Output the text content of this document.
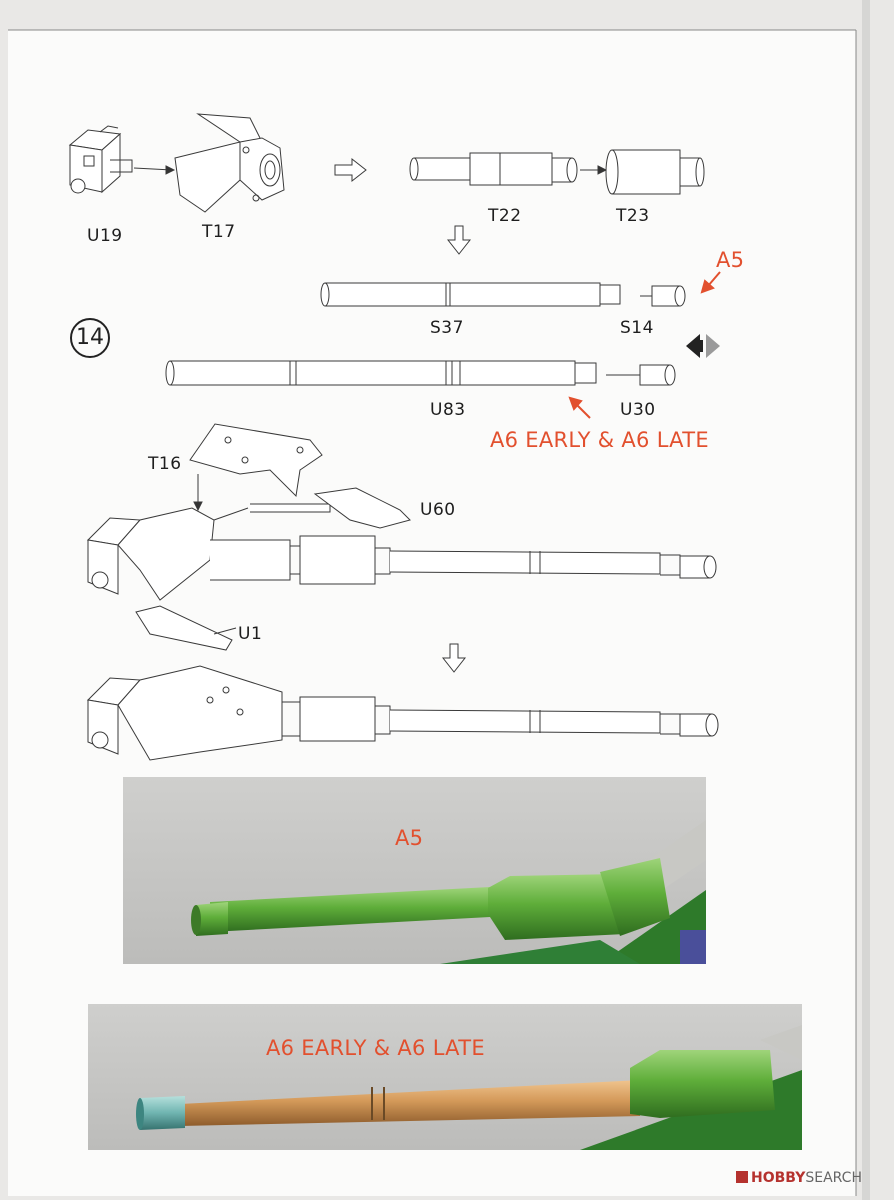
14
U19	T17
T22	T23
S37	S14
U83	U30
T16
U60
U1
A5
A6 EARLY & A6 LATE
A5
A6 EARLY & A6 LATE
HOBBYSEARCH
